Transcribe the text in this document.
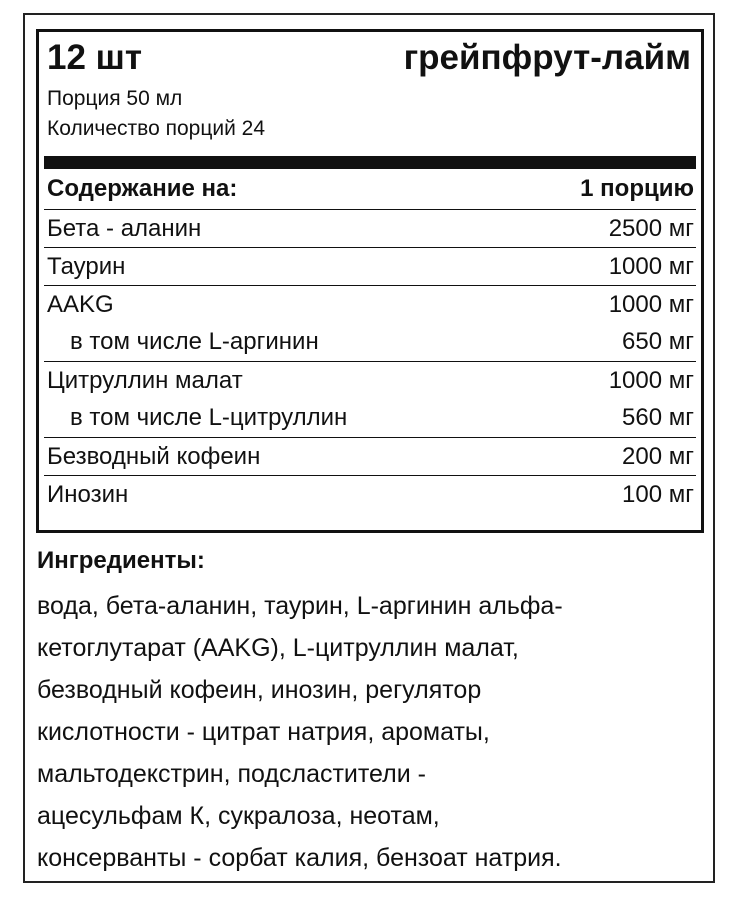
12 шт	грейпфрут-лайм
Порция 50 мл
Количество порций 24
Содержание на:	1 порцию
Бета - аланин	2500 мг
Таурин	1000 мг
AAKG	1000 мг
в том числе L-аргинин	650 мг
Цитруллин малат	1000 мг
в том числе L-цитруллин	560 мг
Безводный кофеин	200 мг
Инозин	100 мг
Ингредиенты:
вода, бета-аланин, таурин, L-аргинин альфа-
кетоглутарат (AAKG), L-цитруллин малат,
безводный кофеин, инозин, регулятор
кислотности - цитрат натрия, ароматы,
мальтодекстрин, подсластители -
ацесульфам К, сукралоза, неотам,
консерванты - сорбат калия, бензоат натрия.
